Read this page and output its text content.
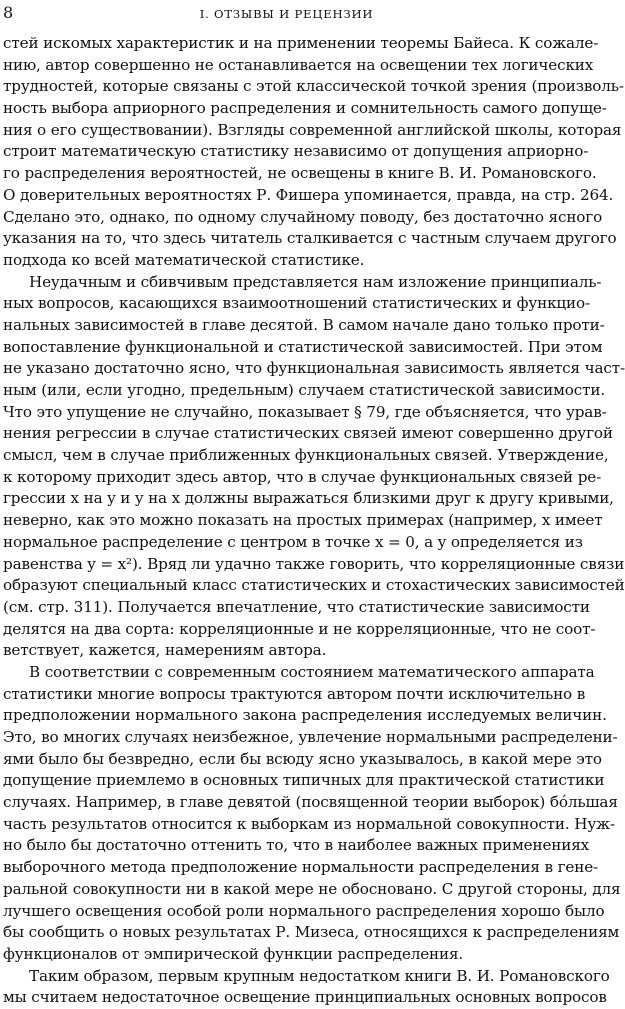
8	I. ОТЗЫВЫ И РЕЦЕНЗИИ

стей искомых характеристик и на применении теоремы Байеса. К сожале-
нию, автор совершенно не останавливается на освещении тех логических
трудностей, которые связаны с этой классической точкой зрения (произволь-
ность выбора априорного распределения и сомнительность самого допуще-
ния о его существовании). Взгляды современной английской школы, которая
строит математическую статистику независимо от допущения априорно-
го распределения вероятностей, не освещены в книге В. И. Романовского.
О доверительных вероятностях Р. Фишера упоминается, правда, на стр. 264.
Сделано это, однако, по одному случайному поводу, без достаточно ясного
указания на то, что здесь читатель сталкивается с частным случаем другого
подхода ко всей математической статистике.

Неудачным и сбивчивым представляется нам изложение принципиаль-
ных вопросов, касающихся взаимоотношений статистических и функцио-
нальных зависимостей в главе десятой. В самом начале дано только проти-
вопоставление функциональной и статистической зависимостей. При этом
не указано достаточно ясно, что функциональная зависимость является част-
ным (или, если угодно, предельным) случаем статистической зависимости.
Что это упущение не случайно, показывает § 79, где объясняется, что урав-
нения регрессии в случае статистических связей имеют совершенно другой
смысл, чем в случае приближенных функциональных связей. Утверждение,
к которому приходит здесь автор, что в случае функциональных связей ре-
грессии x на y и y на x должны выражаться близкими друг к другу кривыми,
неверно, как это можно показать на простых примерах (например, x имеет
нормальное распределение с центром в точке x = 0, а y определяется из
равенства y = x²). Вряд ли удачно также говорить, что корреляционные связи
образуют специальный класс статистических и стохастических зависимостей
(см. стр. 311). Получается впечатление, что статистические зависимости
делятся на два сорта: корреляционные и не корреляционные, что не соот-
ветствует, кажется, намерениям автора.

В соответствии с современным состоянием математического аппарата
статистики многие вопросы трактуются автором почти исключительно в
предположении нормального закона распределения исследуемых величин.
Это, во многих случаях неизбежное, увлечение нормальными распределени-
ями было бы безвредно, если бы всюду ясно указывалось, в какой мере это
допущение приемлемо в основных типичных для практической статистики
случаях. Например, в главе девятой (посвященной теории выборок) бóльшая
часть результатов относится к выборкам из нормальной совокупности. Нуж-
но было бы достаточно оттенить то, что в наиболее важных применениях
выборочного метода предположение нормальности распределения в гене-
ральной совокупности ни в какой мере не обосновано. С другой стороны, для
лучшего освещения особой роли нормального распределения хорошо было
бы сообщить о новых результатах Р. Мизеса, относящихся к распределениям
функционалов от эмпирической функции распределения.

Таким образом, первым крупным недостатком книги В. И. Романовского
мы считаем недостаточное освещение принципиальных основных вопросов
